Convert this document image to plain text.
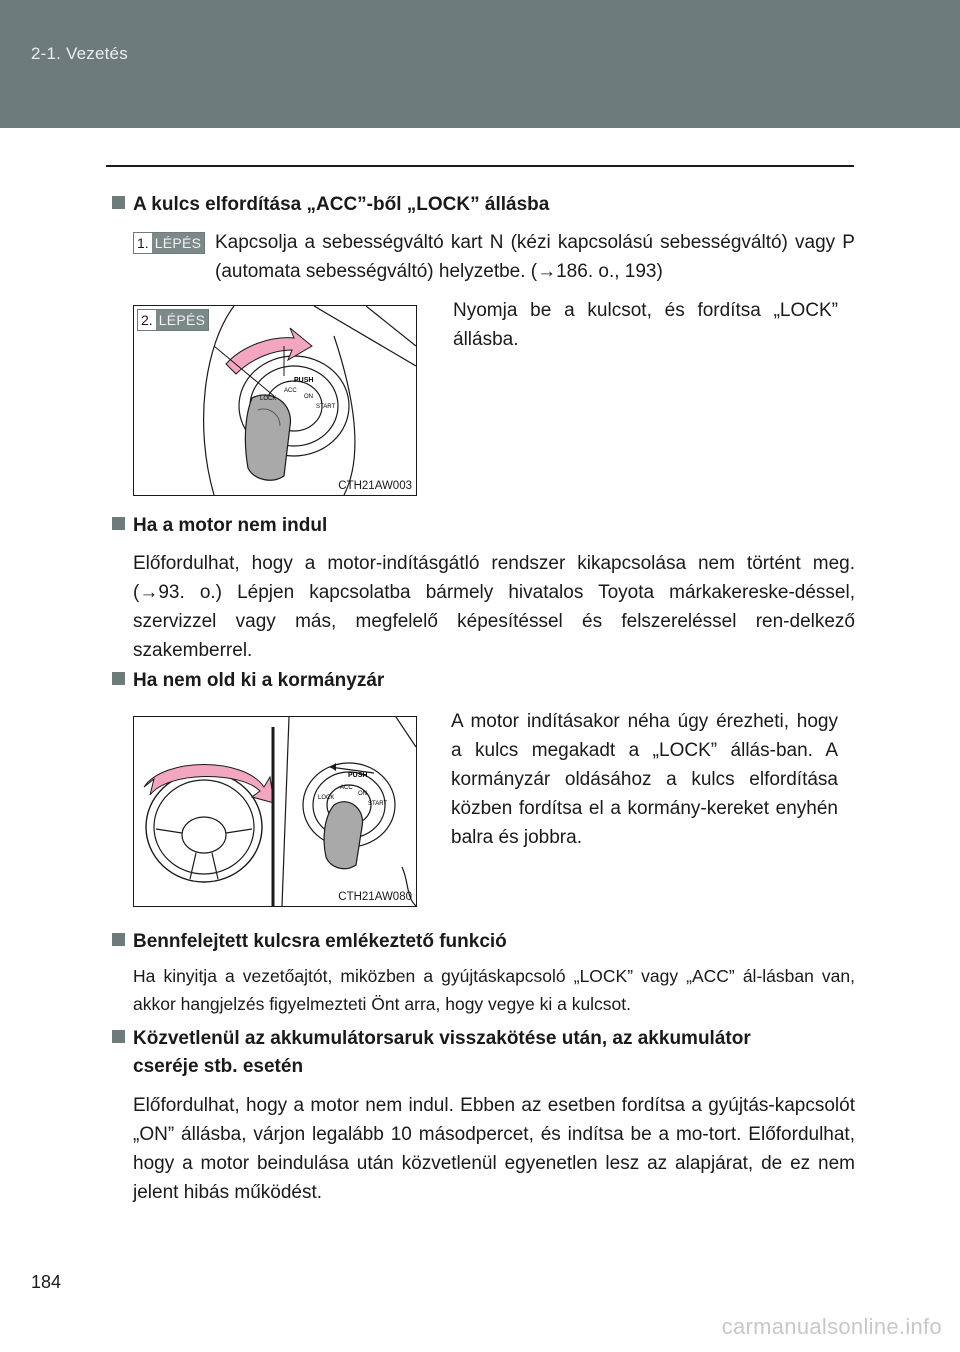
2-1. Vezetés
A kulcs elfordítása „ACC”-ből „LOCK” állásba
1. LÉPÉS Kapcsolja a sebességváltó kart N (kézi kapcsolású sebességváltó) vagy P (automata sebességváltó) helyzetbe. (→186. o., 193)
PUSH
ACC
ON
START
LOCK
2. LÉPÉS
CTH21AW003
Nyomja be a kulcsot, és fordítsa „LOCK” állásba.
Ha a motor nem indul
Előfordulhat, hogy a motor-indításgátló rendszer kikapcsolása nem történt meg. (→93. o.) Lépjen kapcsolatba bármely hivatalos Toyota márkakereske-déssel, szervizzel vagy más, megfelelő képesítéssel és felszereléssel ren-delkező szakemberrel.
Ha nem old ki a kormányzár
PUSH
ACC
ON
START
LOCK
CTH21AW080
A motor indításakor néha úgy érezheti, hogy a kulcs megakadt a „LOCK” állás-ban. A kormányzár oldásához a kulcs elfordítása közben fordítsa el a kormány-kereket enyhén balra és jobbra.
Bennfelejtett kulcsra emlékeztető funkció
Ha kinyitja a vezetőajtót, miközben a gyújtáskapcsoló „LOCK” vagy „ACC” ál-lásban van, akkor hangjelzés figyelmezteti Önt arra, hogy vegye ki a kulcsot.
Közvetlenül az akkumulátorsaruk visszakötése után, az akkumulátor
cseréje stb. esetén
Előfordulhat, hogy a motor nem indul. Ebben az esetben fordítsa a gyújtás-kapcsolót „ON” állásba, várjon legalább 10 másodpercet, és indítsa be a mo-tort. Előfordulhat, hogy a motor beindulása után közvetlenül egyenetlen lesz az alapjárat, de ez nem jelent hibás működést.
184
carmanualsonline.info
